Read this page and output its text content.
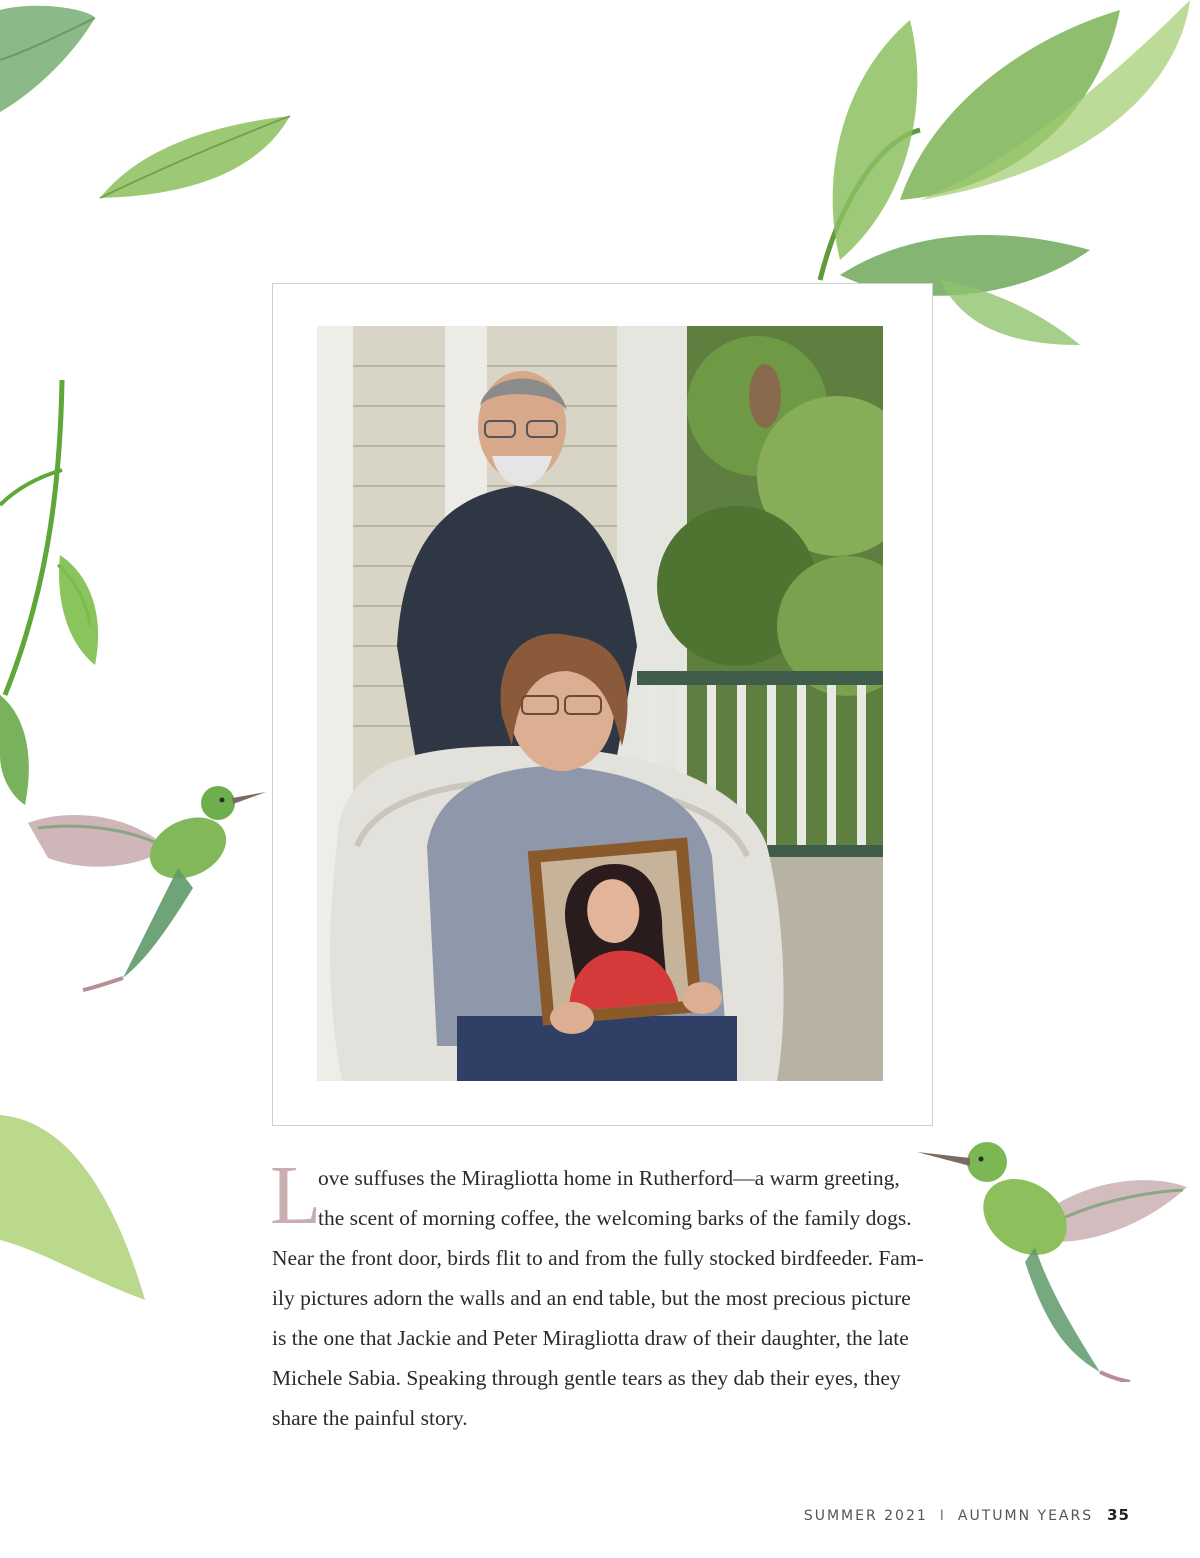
L

ove suffuses the Miragliotta home in Rutherford—a warm greeting,
the scent of morning coffee, the welcoming barks of the family dogs.
Near the front door, birds flit to and from the fully stocked birdfeeder. Fam-
ily pictures adorn the walls and an end table, but the most precious picture
is the one that Jackie and Peter Miragliotta draw of their daughter, the late
Michele Sabia. Speaking through gentle tears as they dab their eyes, they
share the painful story.

SUMMER 2021 I AUTUMN YEARS 35
